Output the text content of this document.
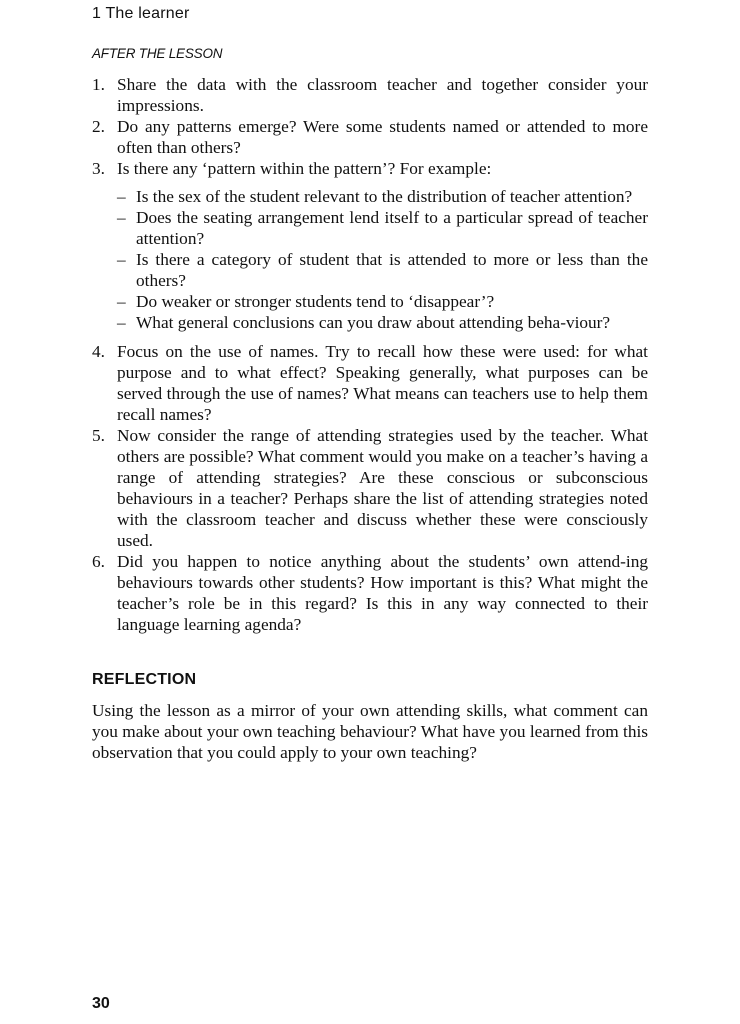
1 The learner
AFTER THE LESSON
1. Share the data with the classroom teacher and together consider your impressions.
2. Do any patterns emerge? Were some students named or attended to more often than others?
3. Is there any ‘pattern within the pattern’? For example:
– Is the sex of the student relevant to the distribution of teacher attention?
– Does the seating arrangement lend itself to a particular spread of teacher attention?
– Is there a category of student that is attended to more or less than the others?
– Do weaker or stronger students tend to ‘disappear’?
– What general conclusions can you draw about attending beha-viour?
4. Focus on the use of names. Try to recall how these were used: for what purpose and to what effect? Speaking generally, what purposes can be served through the use of names? What means can teachers use to help them recall names?
5. Now consider the range of attending strategies used by the teacher. What others are possible? What comment would you make on a teacher’s having a range of attending strategies? Are these conscious or subconscious behaviours in a teacher? Perhaps share the list of attending strategies noted with the classroom teacher and discuss whether these were consciously used.
6. Did you happen to notice anything about the students’ own attend-ing behaviours towards other students? How important is this? What might the teacher’s role be in this regard? Is this in any way connected to their language learning agenda?
REFLECTION
Using the lesson as a mirror of your own attending skills, what comment can you make about your own teaching behaviour? What have you learned from this observation that you could apply to your own teaching?
30
